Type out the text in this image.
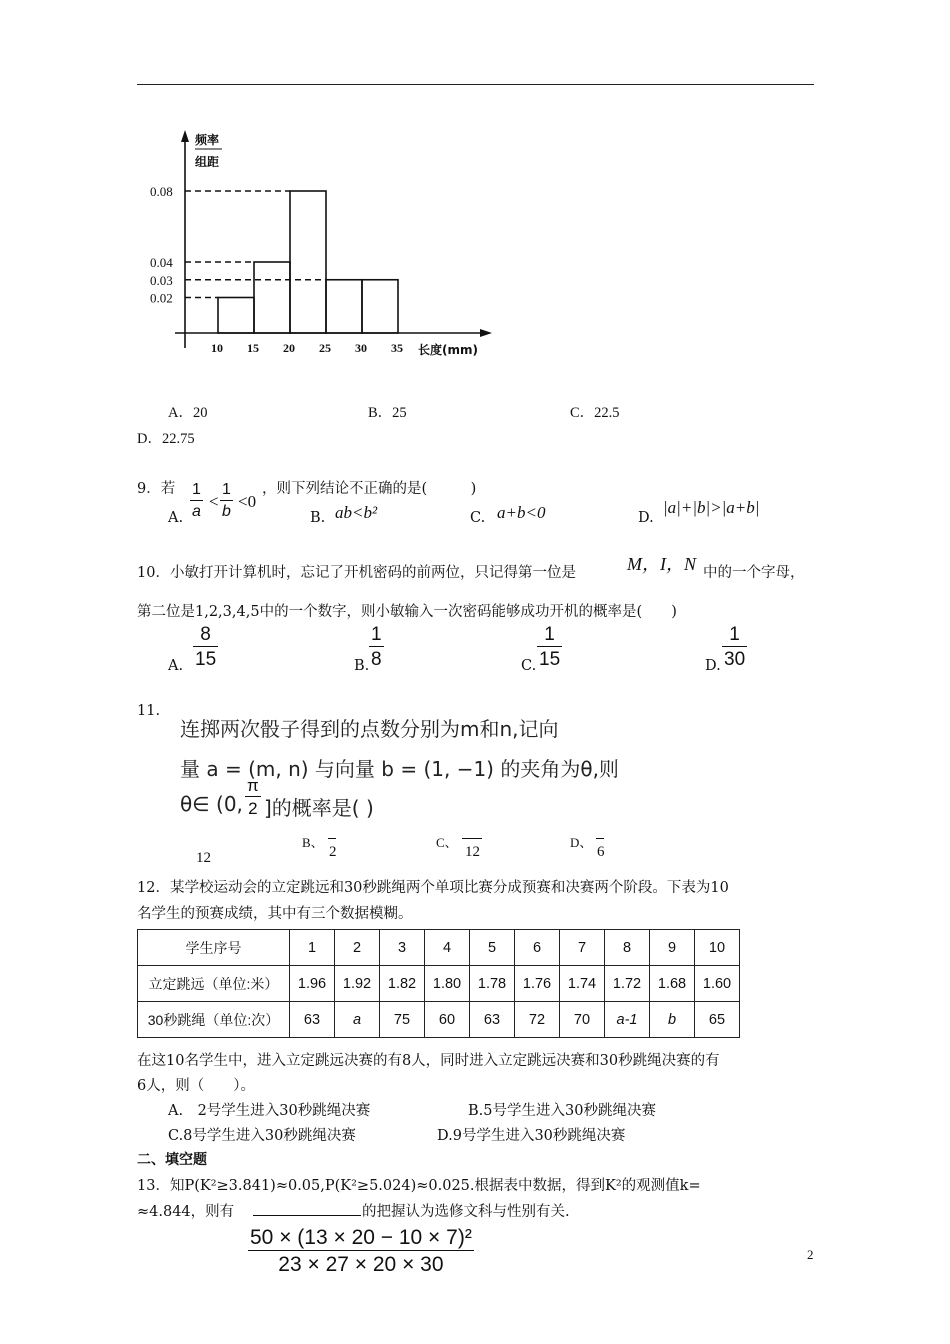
频率
组距
长度(mm)
0.08
0.04
0.03
0.02
10 15 20 25 30 35
A．20	B．25	C．22.5
D．22.75
9．若 1
a
<
1
b
<0
，则下列结论不正确的是(　　　)
A.	B. ab<b²	C. a+b<0	D.
|a|+|b|>|a+b|
10．小敏打开计算机时，忘记了开机密码的前两位，只记得第一位是	M，I，N 中的一个字母，
第二位是1,2,3,4,5中的一个数字，则小敏输入一次密码能够成功开机的概率是(　　)
A.
8
15	B.
1
8	C.
1
15	D.
1
30
11.
连掷两次骰子得到的点数分别为m和n,记向
量 a = (m, n) 与向量 b = (1, −1) 的夹角为θ,则
θ∈ (0,
π
2 ]的概率是( )
12
B、
2
C、
12
D、
6
12．某学校运动会的立定跳远和30秒跳绳两个单项比赛分成预赛和决赛两个阶段。下表为10
名学生的预赛成绩，其中有三个数据模糊。
学生序号	1	2	3	4	5	6	7	8	9	10
立定跳远（单位:米）	1.96	1.92	1.82	1.80	1.78	1.76	1.74	1.72	1.68	1.60
30秒跳绳（单位:次）	63	a	75	60	63	72	70	a-1	b	65
在这10名学生中，进入立定跳远决赛的有8人，同时进入立定跳远决赛和30秒跳绳决赛的有
6人，则（　　）。
A.　2号学生进入30秒跳绳决赛	B.5号学生进入30秒跳绳决赛
C.8号学生进入30秒跳绳决赛	D.9号学生进入30秒跳绳决赛
二、填空题
13．知P(K²≥3.841)≈0.05,P(K²≥5.024)≈0.025.根据表中数据，得到K²的观测值k=
≈4.844，则有	的把握认为选修文科与性别有关.
50 × (13 × 20 − 10 × 7)²
23 × 27 × 20 × 30	2
